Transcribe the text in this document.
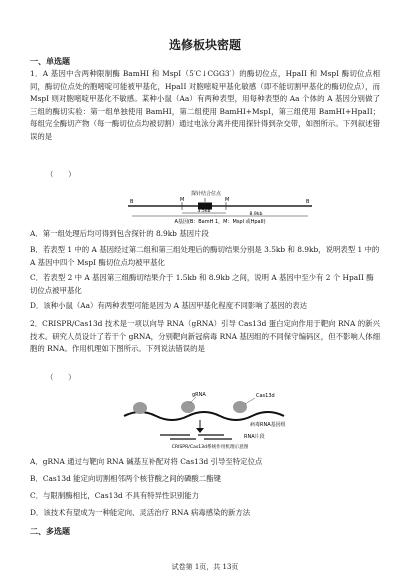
选修板块密题
一、单选题
1．A 基因中含两种限制酶 BamHI 和 MspI（5′C↓CGG3′）的酶切位点，HpaII 和 MspI 酶切位点相同，酶切位点处的胞嘧啶可能被甲基化，HpaII 对胞嘧啶甲基化敏感（即不能切割甲基化的酶切位点），而 MspI 则对胞嘧啶甲基化不敏感。某种小鼠（Aa）有两种表型，用每种表型的 Aa 个体的 A 基因分别做了三组的酶切实验：第一组单独使用 BamHI，第二组使用 BamHI+MspI，第三组使用 BamHI+HpaII；每组完全酶切产物（每一酶切位点均被切割）通过电泳分离并使用探针得到杂交带，如图所示。下列叙述错误的是
（　　）
探针结合位点
M	M
B	B
3.5kb
8.9kb
A基因(B：BamH 1，M：MspI 或HpaII)
A．第一组处理后均可得到包含探针的 8.9kb 基因片段
B．若表型 1 中的 A 基因经过第二组和第三组处理后的酶切结果分别是 3.5kb 和 8.9kb，说明表型 1 中的 A 基因中四个 MspI 酶切位点均被甲基化
C．若表型 2 中 A 基因第三组酶切结果介于 1.5kb 和 8.9kb 之间，说明 A 基因中至少有 2 个 HpaII 酶切位点被甲基化
D．该种小鼠（Aa）有两种表型可能是因为 A 基因甲基化程度不同影响了基因的表达
2．CRISPR/Cas13d 技术是一项以向导 RNA（gRNA）引导 Cas13d 蛋白定向作用于靶向 RNA 的新兴技术。研究人员设计了若干个 gRNA，分别靶向新冠病毒 RNA 基因组的不同保守编码区，但不影响人体细胞的 RNA。作用机理如下图所示。下列说法错误的是
（　　）
gRNA	Cas13d
病毒RNA基因组
RNA片段
CRISPR/Cas13d系统作用机理示意图
A．gRNA 通过与靶向 RNA 碱基互补配对将 Cas13d 引导至特定位点
B．Cas13d 能定向切割相邻两个核苷酸之间的磷酸二酯键
C．与限制酶相比，Cas13d 不具有特异性识别能力
D．该技术有望成为一种能定向、灵活治疗 RNA 病毒感染的新方法
二、多选题
试卷第 1页，共 13页
